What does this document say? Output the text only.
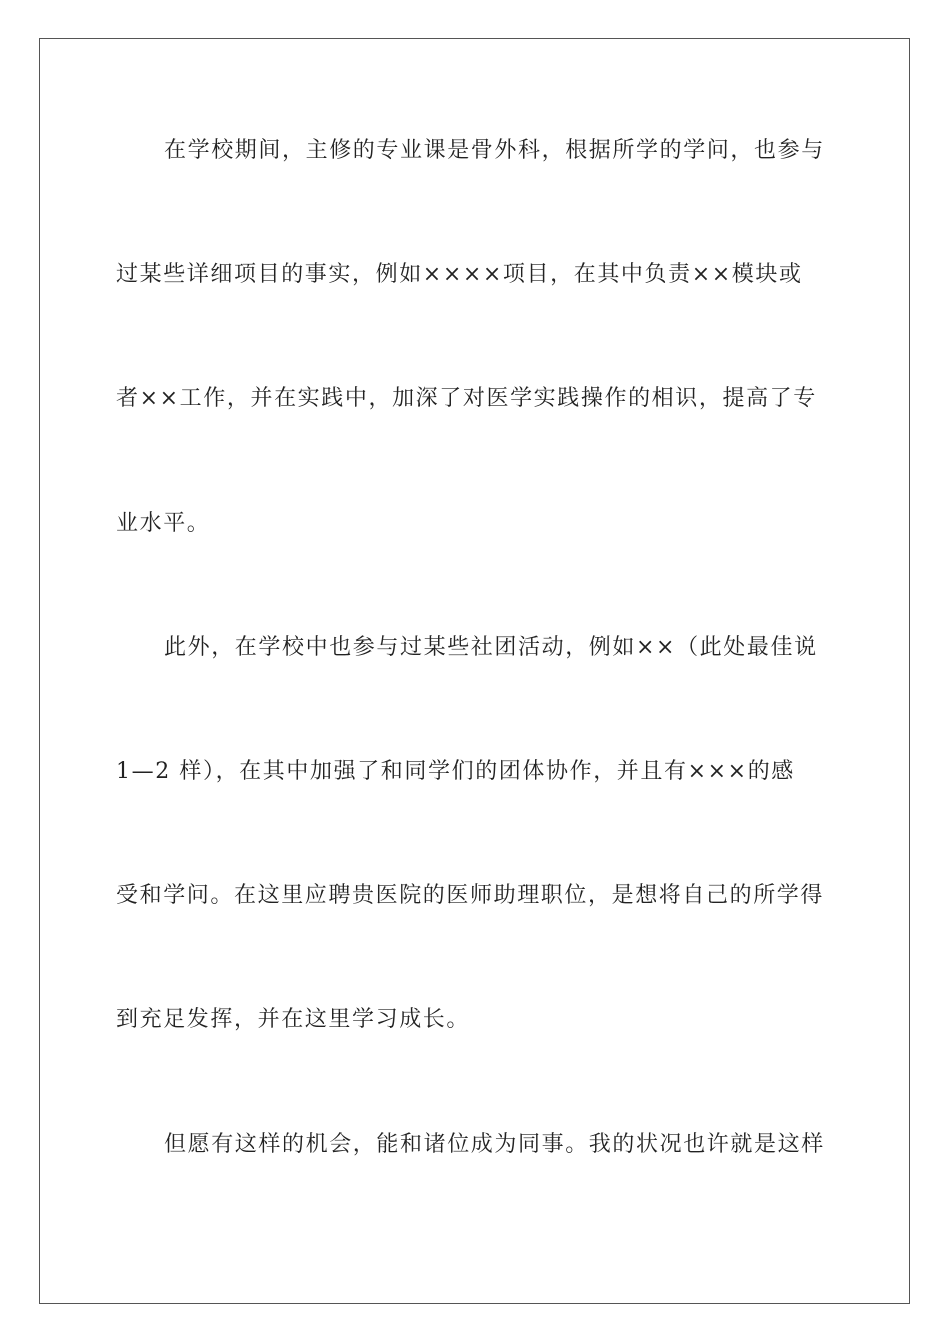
在学校期间，主修的专业课是骨外科，根据所学的学问，也参与
过某些详细项目的事实，例如××××项目，在其中负责××模块或
者××工作，并在实践中，加深了对医学实践操作的相识，提高了专
业水平。
此外，在学校中也参与过某些社团活动，例如××（此处最佳说
1—2 样），在其中加强了和同学们的团体协作，并且有×××的感
受和学问。在这里应聘贵医院的医师助理职位，是想将自己的所学得
到充足发挥，并在这里学习成长。
但愿有这样的机会，能和诸位成为同事。我的状况也许就是这样
